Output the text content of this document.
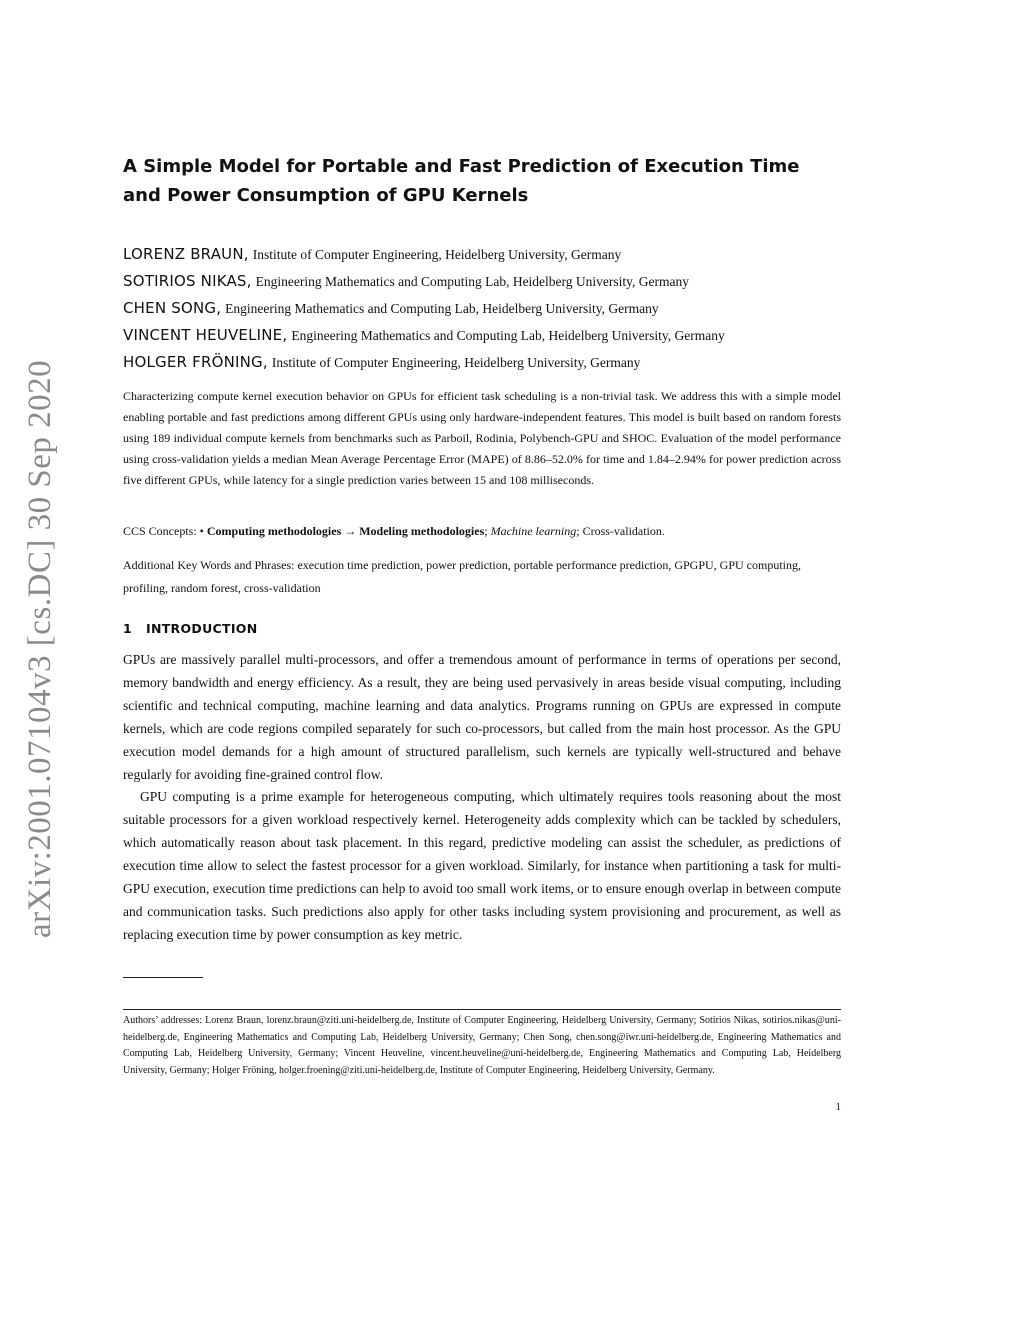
arXiv:2001.07104v3 [cs.DC] 30 Sep 2020
A Simple Model for Portable and Fast Prediction of Execution Time and Power Consumption of GPU Kernels
LORENZ BRAUN, Institute of Computer Engineering, Heidelberg University, Germany
SOTIRIOS NIKAS, Engineering Mathematics and Computing Lab, Heidelberg University, Germany
CHEN SONG, Engineering Mathematics and Computing Lab, Heidelberg University, Germany
VINCENT HEUVELINE, Engineering Mathematics and Computing Lab, Heidelberg University, Germany
HOLGER FRÖNING, Institute of Computer Engineering, Heidelberg University, Germany
Characterizing compute kernel execution behavior on GPUs for efficient task scheduling is a non-trivial task. We address this with a simple model enabling portable and fast predictions among different GPUs using only hardware-independent features. This model is built based on random forests using 189 individual compute kernels from benchmarks such as Parboil, Rodinia, Polybench-GPU and SHOC. Evaluation of the model performance using cross-validation yields a median Mean Average Percentage Error (MAPE) of 8.86–52.0% for time and 1.84–2.94% for power prediction across five different GPUs, while latency for a single prediction varies between 15 and 108 milliseconds.
CCS Concepts: • Computing methodologies → Modeling methodologies; Machine learning; Cross-validation.
Additional Key Words and Phrases: execution time prediction, power prediction, portable performance prediction, GPGPU, GPU computing, profiling, random forest, cross-validation
1 INTRODUCTION

GPUs are massively parallel multi-processors, and offer a tremendous amount of performance in terms of operations per second, memory bandwidth and energy efficiency. As a result, they are being used pervasively in areas beside visual computing, including scientific and technical computing, machine learning and data analytics. Programs running on GPUs are expressed in compute kernels, which are code regions compiled separately for such co-processors, but called from the main host processor. As the GPU execution model demands for a high amount of structured parallelism, such kernels are typically well-structured and behave regularly for avoiding fine-grained control flow.

GPU computing is a prime example for heterogeneous computing, which ultimately requires tools reasoning about the most suitable processors for a given workload respectively kernel. Heterogeneity adds complexity which can be tackled by schedulers, which automatically reason about task placement. In this regard, predictive modeling can assist the scheduler, as predictions of execution time allow to select the fastest processor for a given workload. Similarly, for instance when partitioning a task for multi-GPU execution, execution time predictions can help to avoid too small work items, or to ensure enough overlap in between compute and communication tasks. Such predictions also apply for other tasks including system provisioning and procurement, as well as replacing execution time by power consumption as key metric.

Authors’ addresses: Lorenz Braun, lorenz.braun@ziti.uni-heidelberg.de, Institute of Computer Engineering, Heidelberg University, Germany; Sotirios Nikas, sotirios.nikas@uni-heidelberg.de, Engineering Mathematics and Computing Lab, Heidelberg University, Germany; Chen Song, chen.song@iwr.uni-heidelberg.de, Engineering Mathematics and Computing Lab, Heidelberg University, Germany; Vincent Heuveline, vincent.heuveline@uni-heidelberg.de, Engineering Mathematics and Computing Lab, Heidelberg University, Germany; Holger Fröning, holger.froening@ziti.uni-heidelberg.de, Institute of Computer Engineering, Heidelberg University, Germany.
1
